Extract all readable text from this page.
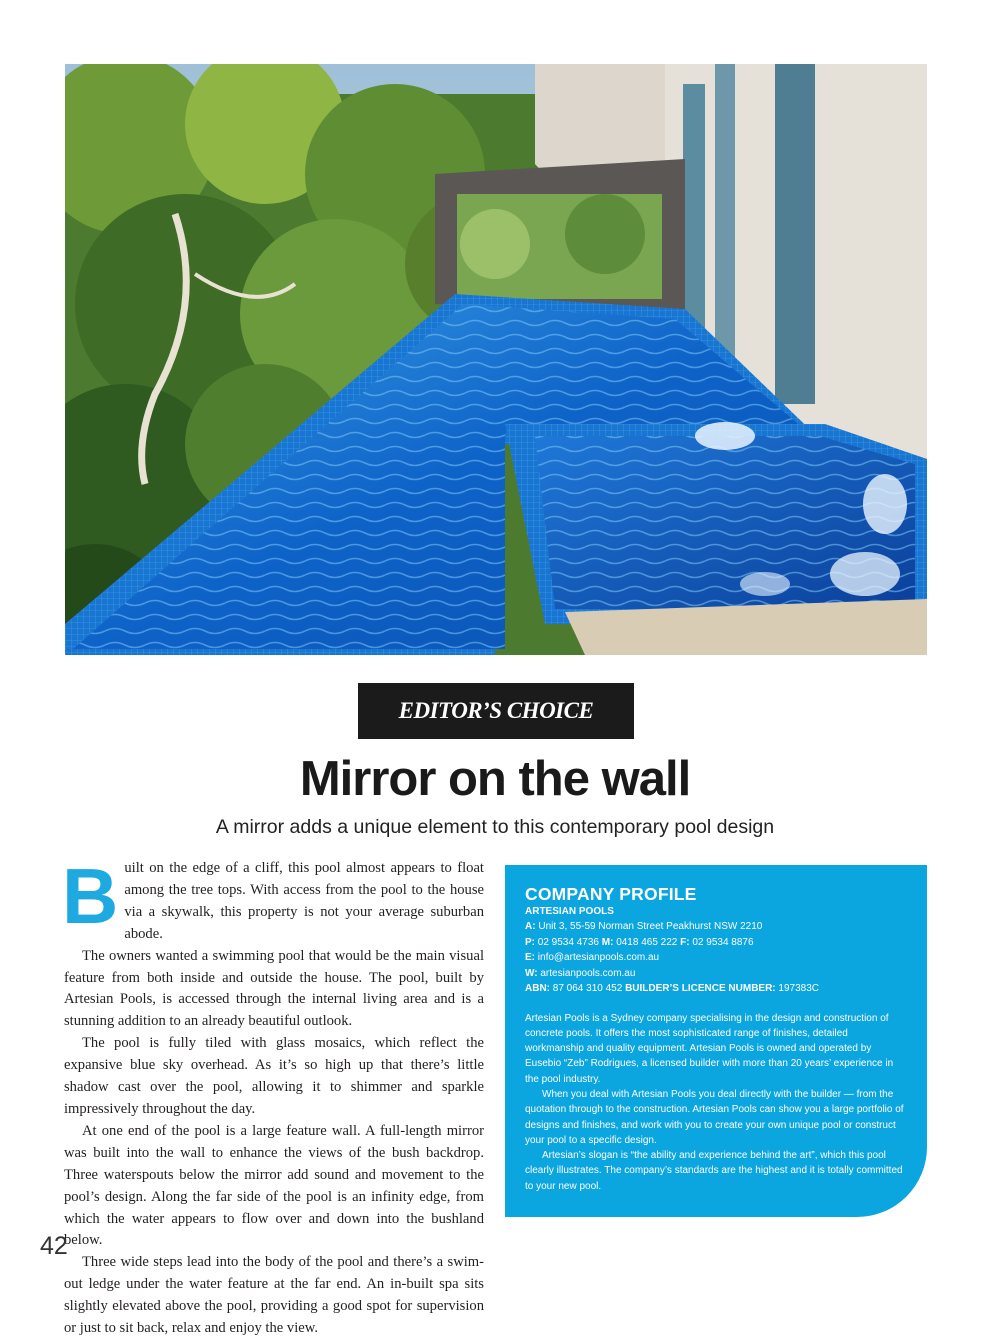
EDITOR’S CHOICE
Mirror on the wall
A mirror adds a unique element to this contemporary pool design
B uilt on the edge of a cliff, this pool almost appears to float among the tree tops. With access from the pool to the house via a skywalk, this property is not your average suburban abode.

The owners wanted a swimming pool that would be the main visual feature from both inside and outside the house. The pool, built by Artesian Pools, is accessed through the internal living area and is a stunning addition to an already beautiful outlook.

The pool is fully tiled with glass mosaics, which reflect the expansive blue sky overhead. As it’s so high up that there’s little shadow cast over the pool, allowing it to shimmer and sparkle impressively throughout the day.

At one end of the pool is a large feature wall. A full-length mirror was built into the wall to enhance the views of the bush backdrop. Three waterspouts below the mirror add sound and movement to the pool’s design. Along the far side of the pool is an infinity edge, from which the water appears to flow over and down into the bushland below.

Three wide steps lead into the body of the pool and there’s a swim-out ledge under the water feature at the far end. An in-built spa sits slightly elevated above the pool, providing a good spot for supervision or just to sit back, relax and enjoy the view.

COMPANY PROFILE
ARTESIAN POOLS
A: Unit 3, 55-59 Norman Street Peakhurst NSW 2210
P: 02 9534 4736 M: 0418 465 222 F: 02 9534 8876
E: info@artesianpools.com.au
W: artesianpools.com.au
ABN: 87 064 310 452 BUILDER’S LICENCE NUMBER: 197383C

Artesian Pools is a Sydney company specialising in the design and construction of concrete pools. It offers the most sophisticated range of finishes, detailed workmanship and quality equipment. Artesian Pools is owned and operated by Eusebio “Zeb” Rodrigues, a licensed builder with more than 20 years’ experience in the pool industry.

When you deal with Artesian Pools you deal directly with the builder — from the quotation through to the construction. Artesian Pools can show you a large portfolio of designs and finishes, and work with you to create your own unique pool or construct your pool to a specific design.

Artesian’s slogan is “the ability and experience behind the art”, which this pool clearly illustrates. The company’s standards are the highest and it is totally committed to your new pool.

42
